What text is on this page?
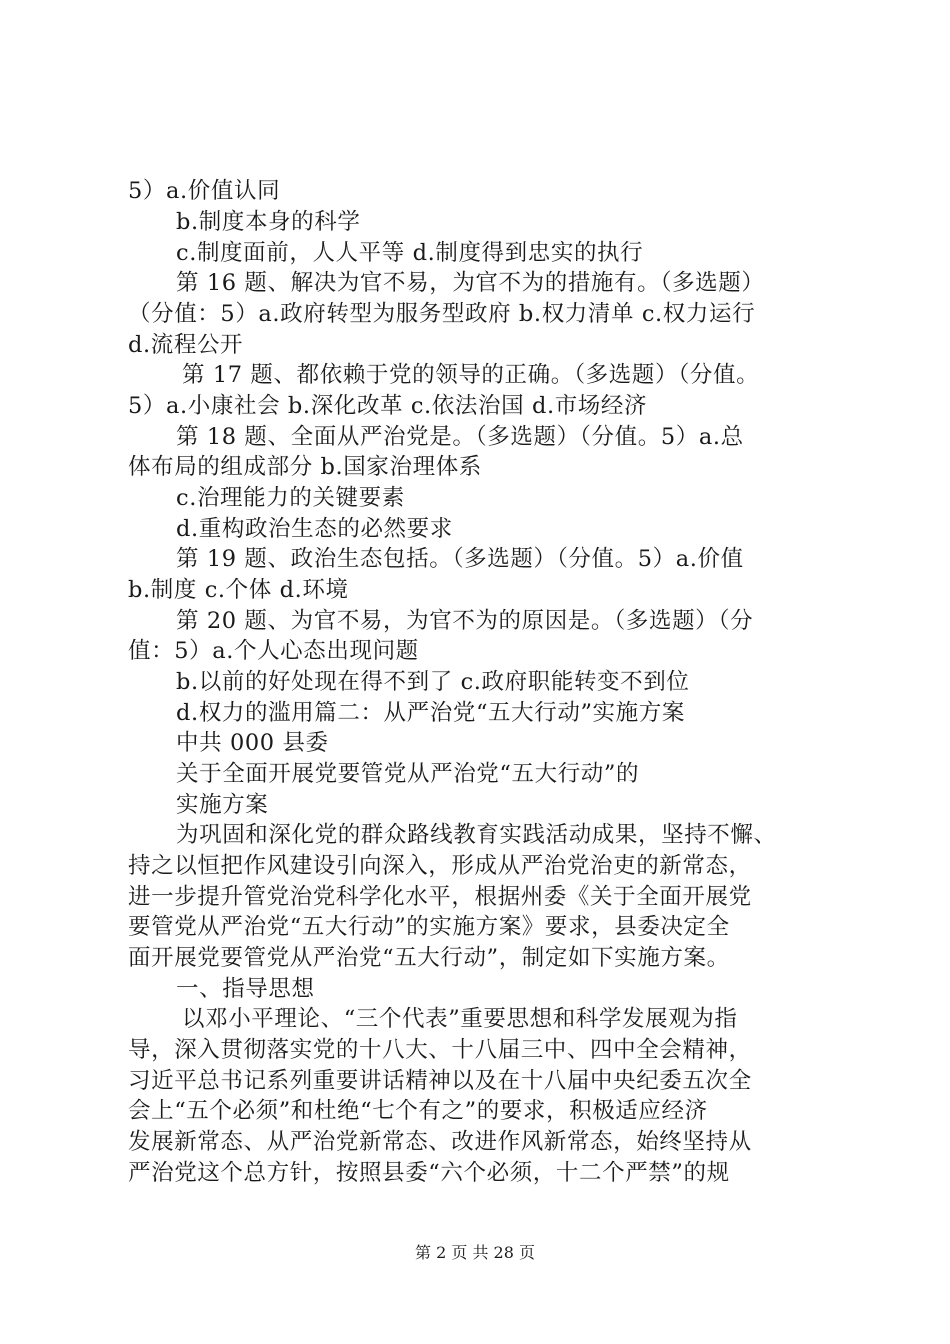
5）a.价值认同
b.制度本身的科学
c.制度面前，人人平等 d.制度得到忠实的执行
第 16 题、解决为官不易，为官不为的措施有。（多选题）
（分值：5）a.政府转型为服务型政府 b.权力清单 c.权力运行
d.流程公开
第 17 题、都依赖于党的领导的正确。（多选题）（分值。
5）a.小康社会 b.深化改革 c.依法治国 d.市场经济
第 18 题、全面从严治党是。（多选题）（分值。5）a.总
体布局的组成部分 b.国家治理体系
c.治理能力的关键要素
d.重构政治生态的必然要求
第 19 题、政治生态包括。（多选题）（分值。5）a.价值
b.制度 c.个体 d.环境
第 20 题、为官不易，为官不为的原因是。（多选题）（分
值：5）a.个人心态出现问题
b.以前的好处现在得不到了 c.政府职能转变不到位
d.权力的滥用篇二：从严治党“五大行动”实施方案
中共 000 县委
关于全面开展党要管党从严治党“五大行动”的
实施方案
为巩固和深化党的群众路线教育实践活动成果，坚持不懈、
持之以恒把作风建设引向深入，形成从严治党治吏的新常态，
进一步提升管党治党科学化水平，根据州委《关于全面开展党
要管党从严治党“五大行动”的实施方案》要求，县委决定全
面开展党要管党从严治党“五大行动”，制定如下实施方案。
一、指导思想
以邓小平理论、“三个代表”重要思想和科学发展观为指
导，深入贯彻落实党的十八大、十八届三中、四中全会精神，
习近平总书记系列重要讲话精神以及在十八届中央纪委五次全
会上“五个必须”和杜绝“七个有之”的要求，积极适应经济
发展新常态、从严治党新常态、改进作风新常态，始终坚持从
严治党这个总方针，按照县委“六个必须，十二个严禁”的规
第 2 页 共 28 页
